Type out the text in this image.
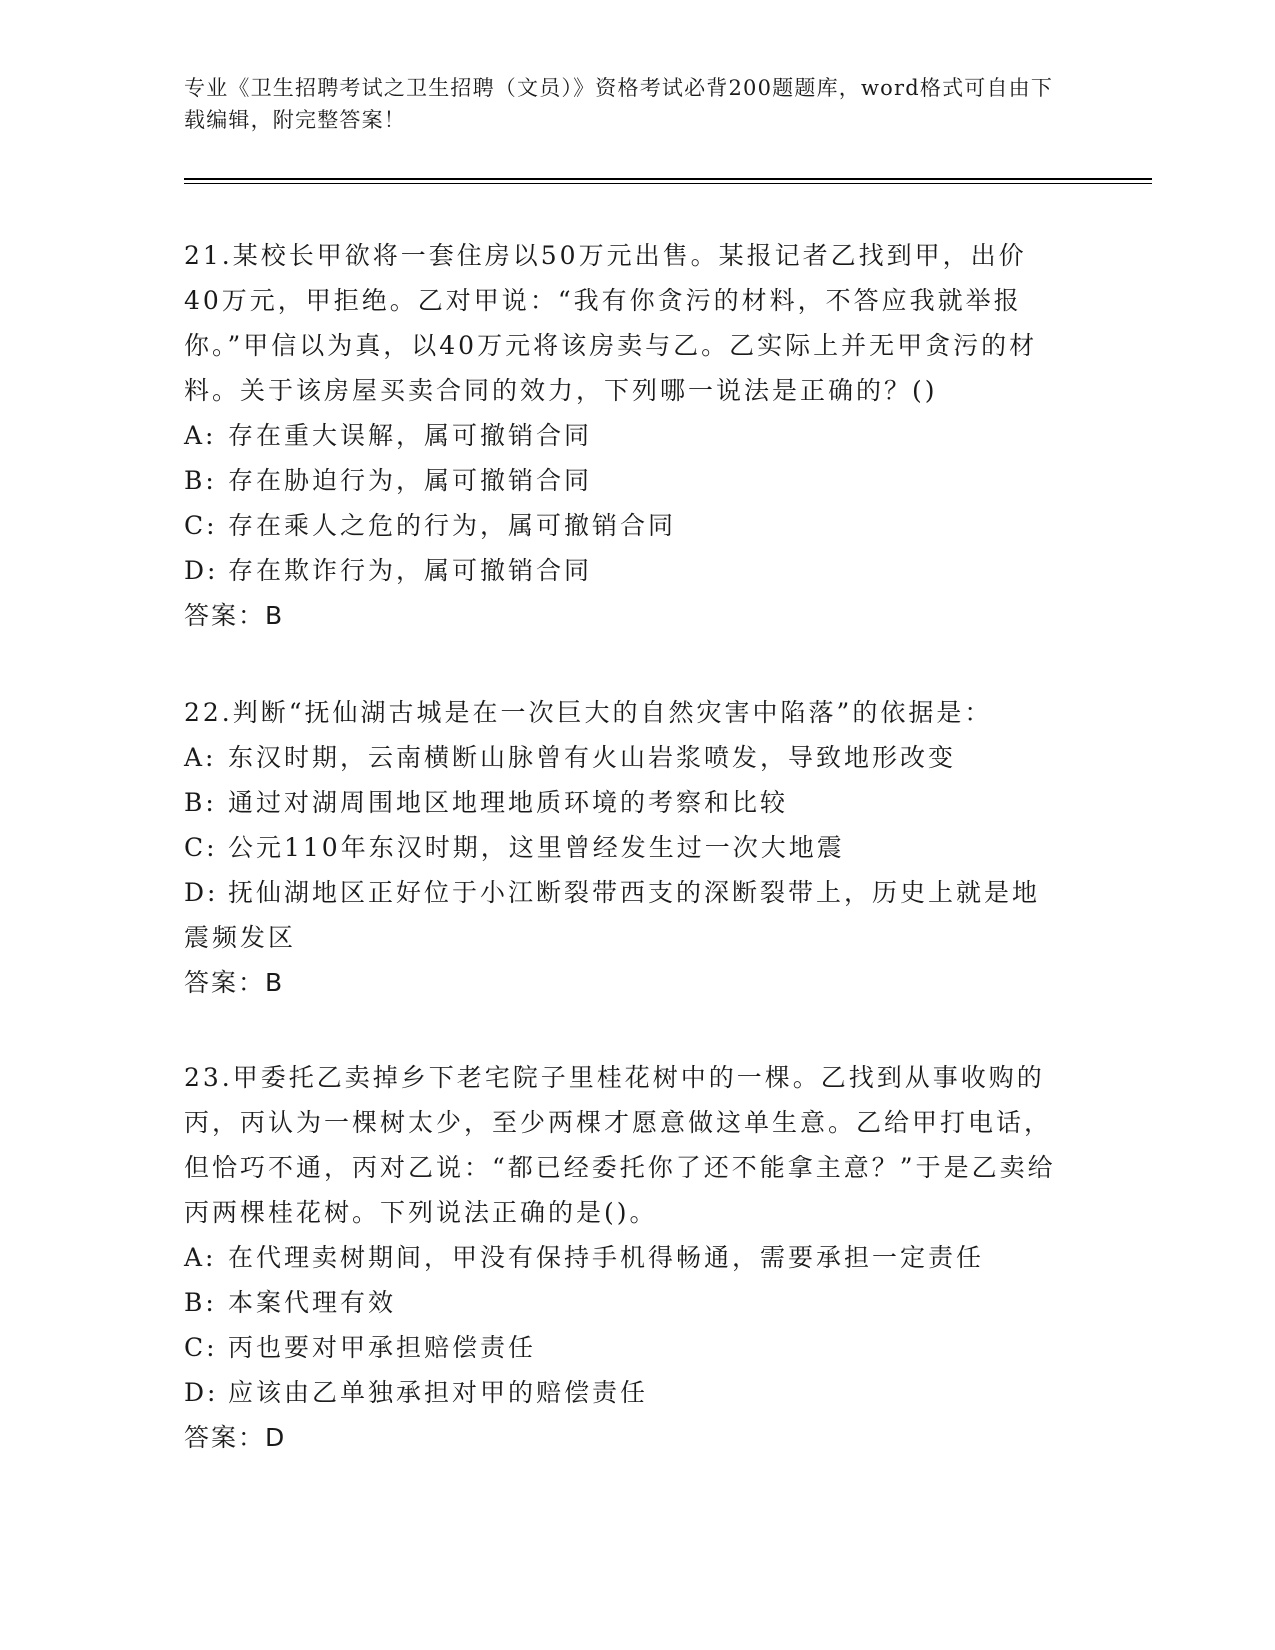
专业《卫生招聘考试之卫生招聘（文员）》资格考试必背200题题库，word格式可自由下载编辑，附完整答案！
21.某校长甲欲将一套住房以50万元出售。某报记者乙找到甲，出价40万元，甲拒绝。乙对甲说：“我有你贪污的材料，不答应我就举报你。”甲信以为真，以40万元将该房卖与乙。乙实际上并无甲贪污的材料。关于该房屋买卖合同的效力，下列哪一说法是正确的？()
A: 存在重大误解，属可撤销合同
B: 存在胁迫行为，属可撤销合同
C: 存在乘人之危的行为，属可撤销合同
D: 存在欺诈行为，属可撤销合同
答案：B
22.判断“抚仙湖古城是在一次巨大的自然灾害中陷落”的依据是：
A: 东汉时期，云南横断山脉曾有火山岩浆喷发，导致地形改变
B: 通过对湖周围地区地理地质环境的考察和比较
C: 公元110年东汉时期，这里曾经发生过一次大地震
D: 抚仙湖地区正好位于小江断裂带西支的深断裂带上，历史上就是地震频发区
答案：B
23.甲委托乙卖掉乡下老宅院子里桂花树中的一棵。乙找到从事收购的丙，丙认为一棵树太少，至少两棵才愿意做这单生意。乙给甲打电话，但恰巧不通，丙对乙说：“都已经委托你了还不能拿主意？”于是乙卖给丙两棵桂花树。下列说法正确的是()。
A: 在代理卖树期间，甲没有保持手机得畅通，需要承担一定责任
B: 本案代理有效
C: 丙也要对甲承担赔偿责任
D: 应该由乙单独承担对甲的赔偿责任
答案：D
